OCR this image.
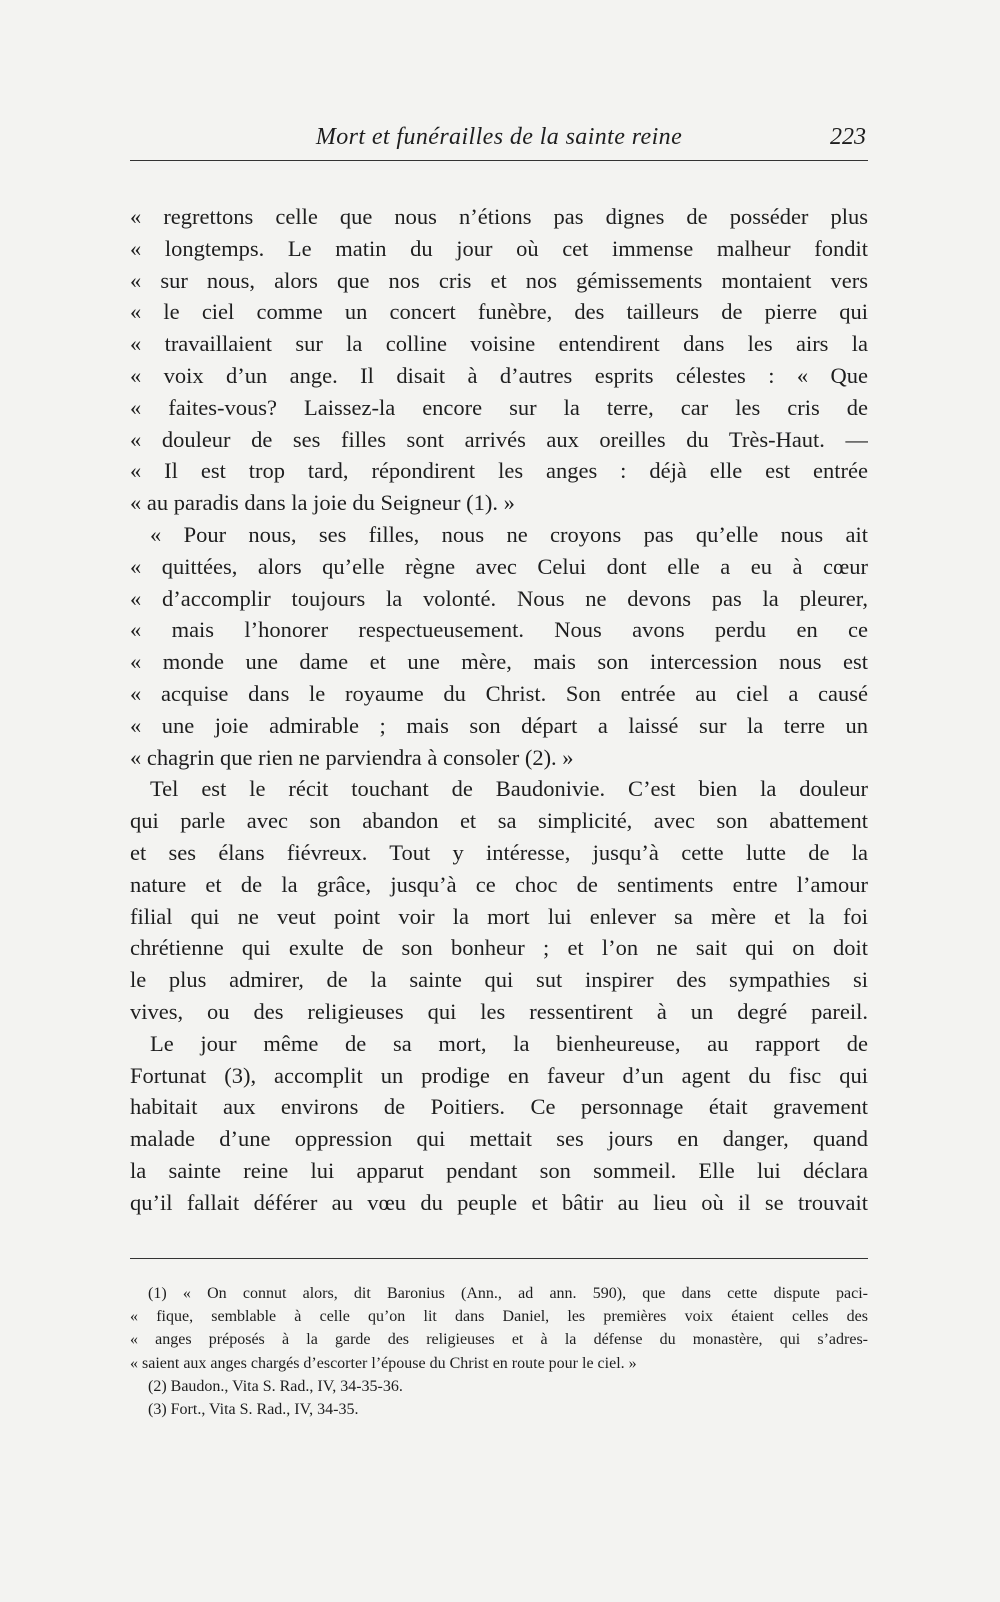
Mort et funérailles de la sainte reine	223
« regrettons celle que nous n’étions pas dignes de posséder plus
« longtemps. Le matin du jour où cet immense malheur fondit
« sur nous, alors que nos cris et nos gémissements montaient vers
« le ciel comme un concert funèbre, des tailleurs de pierre qui
« travaillaient sur la colline voisine entendirent dans les airs la
« voix d’un ange. Il disait à d’autres esprits célestes : « Que
« faites-vous? Laissez-la encore sur la terre, car les cris de
« douleur de ses filles sont arrivés aux oreilles du Très-Haut. —
« Il est trop tard, répondirent les anges : déjà elle est entrée
« au paradis dans la joie du Seigneur (1). »
« Pour nous, ses filles, nous ne croyons pas qu’elle nous ait
« quittées, alors qu’elle règne avec Celui dont elle a eu à cœur
« d’accomplir toujours la volonté. Nous ne devons pas la pleurer,
« mais l’honorer respectueusement. Nous avons perdu en ce
« monde une dame et une mère, mais son intercession nous est
« acquise dans le royaume du Christ. Son entrée au ciel a causé
« une joie admirable ; mais son départ a laissé sur la terre un
« chagrin que rien ne parviendra à consoler (2). »
Tel est le récit touchant de Baudonivie. C’est bien la douleur
qui parle avec son abandon et sa simplicité, avec son abattement
et ses élans fiévreux. Tout y intéresse, jusqu’à cette lutte de la
nature et de la grâce, jusqu’à ce choc de sentiments entre l’amour
filial qui ne veut point voir la mort lui enlever sa mère et la foi
chrétienne qui exulte de son bonheur ; et l’on ne sait qui on doit
le plus admirer, de la sainte qui sut inspirer des sympathies si
vives, ou des religieuses qui les ressentirent à un degré pareil.
Le jour même de sa mort, la bienheureuse, au rapport de
Fortunat (3), accomplit un prodige en faveur d’un agent du fisc qui
habitait aux environs de Poitiers. Ce personnage était gravement
malade d’une oppression qui mettait ses jours en danger, quand
la sainte reine lui apparut pendant son sommeil. Elle lui déclara
qu’il fallait déférer au vœu du peuple et bâtir au lieu où il se trouvait
(1) « On connut alors, dit Baronius (Ann., ad ann. 590), que dans cette dispute paci-
« fique, semblable à celle qu’on lit dans Daniel, les premières voix étaient celles des
« anges préposés à la garde des religieuses et à la défense du monastère, qui s’adres-
« saient aux anges chargés d’escorter l’épouse du Christ en route pour le ciel. »
(2) Baudon., Vita S. Rad., IV, 34-35-36.
(3) Fort., Vita S. Rad., IV, 34-35.
